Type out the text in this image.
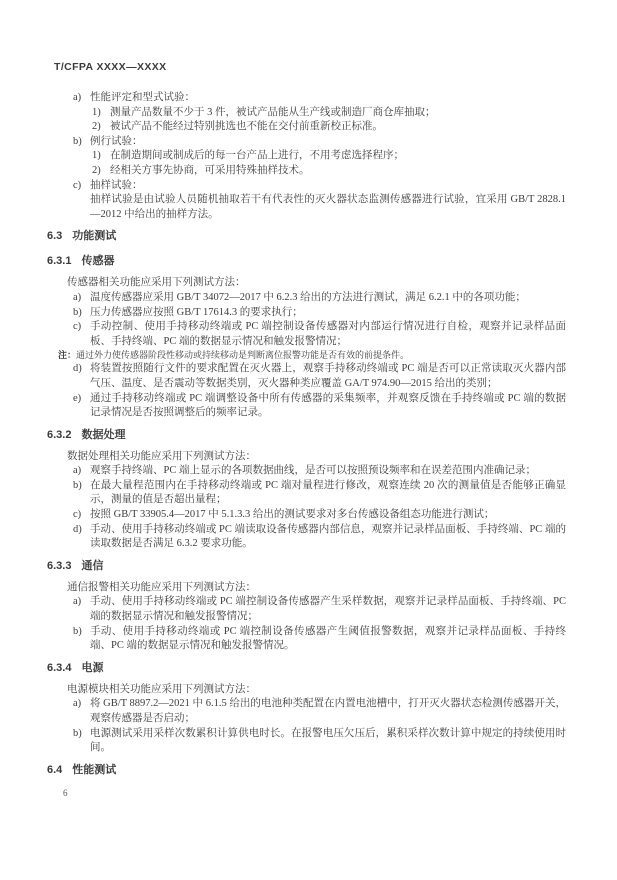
T/CFPA XXXX—XXXX
a) 性能评定和型式试验：
1) 测量产品数量不少于 3 件，被试产品能从生产线或制造厂商仓库抽取；
2) 被试产品不能经过特别挑选也不能在交付前重新校正标准。
b) 例行试验：
1) 在制造期间或制成后的每一台产品上进行，不用考虑选择程序；
2) 经相关方事先协商，可采用特殊抽样技术。
c) 抽样试验：
抽样试验是由试验人员随机抽取若干有代表性的灭火器状态监测传感器进行试验，宜采用 GB/T 2828.1—2012 中给出的抽样方法。
6.3 功能测试
6.3.1 传感器
传感器相关功能应采用下列测试方法：
a) 温度传感器应采用 GB/T 34072—2017 中 6.2.3 给出的方法进行测试，满足 6.2.1 中的各项功能；
b) 压力传感器应按照 GB/T 17614.3 的要求执行；
c) 手动控制、使用手持移动终端或 PC 端控制设备传感器对内部运行情况进行自检，观察并记录样品面板、手持终端、PC 端的数据显示情况和触发报警情况；
注： 通过外力使传感器阶段性移动或持续移动是判断离位报警功能是否有效的前提条件。
d) 将装置按照随行文件的要求配置在灭火器上，观察手持移动终端或 PC 端是否可以正常读取灭火器内部气压、温度、是否震动等数据类别，灭火器种类应覆盖 GA/T 974.90—2015 给出的类别；
e) 通过手持移动终端或 PC 端调整设备中所有传感器的采集频率，并观察反馈在手持终端或 PC 端的数据记录情况是否按照调整后的频率记录。
6.3.2 数据处理
数据处理相关功能应采用下列测试方法：
a) 观察手持终端、PC 端上显示的各项数据曲线，是否可以按照预设频率和在误差范围内准确记录；
b) 在最大量程范围内在手持移动终端或 PC 端对量程进行修改，观察连续 20 次的测量值是否能够正确显示，测量的值是否超出量程；
c) 按照 GB/T 33905.4—2017 中 5.1.3.3 给出的测试要求对多台传感设备组态功能进行测试；
d) 手动、使用手持移动终端或 PC 端读取设备传感器内部信息，观察并记录样品面板、手持终端、PC 端的读取数据是否满足 6.3.2 要求功能。
6.3.3 通信
通信报警相关功能应采用下列测试方法：
a) 手动、使用手持移动终端或 PC 端控制设备传感器产生采样数据，观察并记录样品面板、手持终端、PC 端的数据显示情况和触发报警情况；
b) 手动、使用手持移动终端或 PC 端控制设备传感器产生阈值报警数据，观察并记录样品面板、手持终端、PC 端的数据显示情况和触发报警情况。
6.3.4 电源
电源模块相关功能应采用下列测试方法：
a) 将 GB/T 8897.2—2021 中 6.1.5 给出的电池种类配置在内置电池槽中，打开灭火器状态检测传感器开关，观察传感器是否启动；
b) 电源测试采用采样次数累积计算供电时长。在报警电压欠压后，累积采样次数计算中规定的持续使用时间。
6.4 性能测试
6
